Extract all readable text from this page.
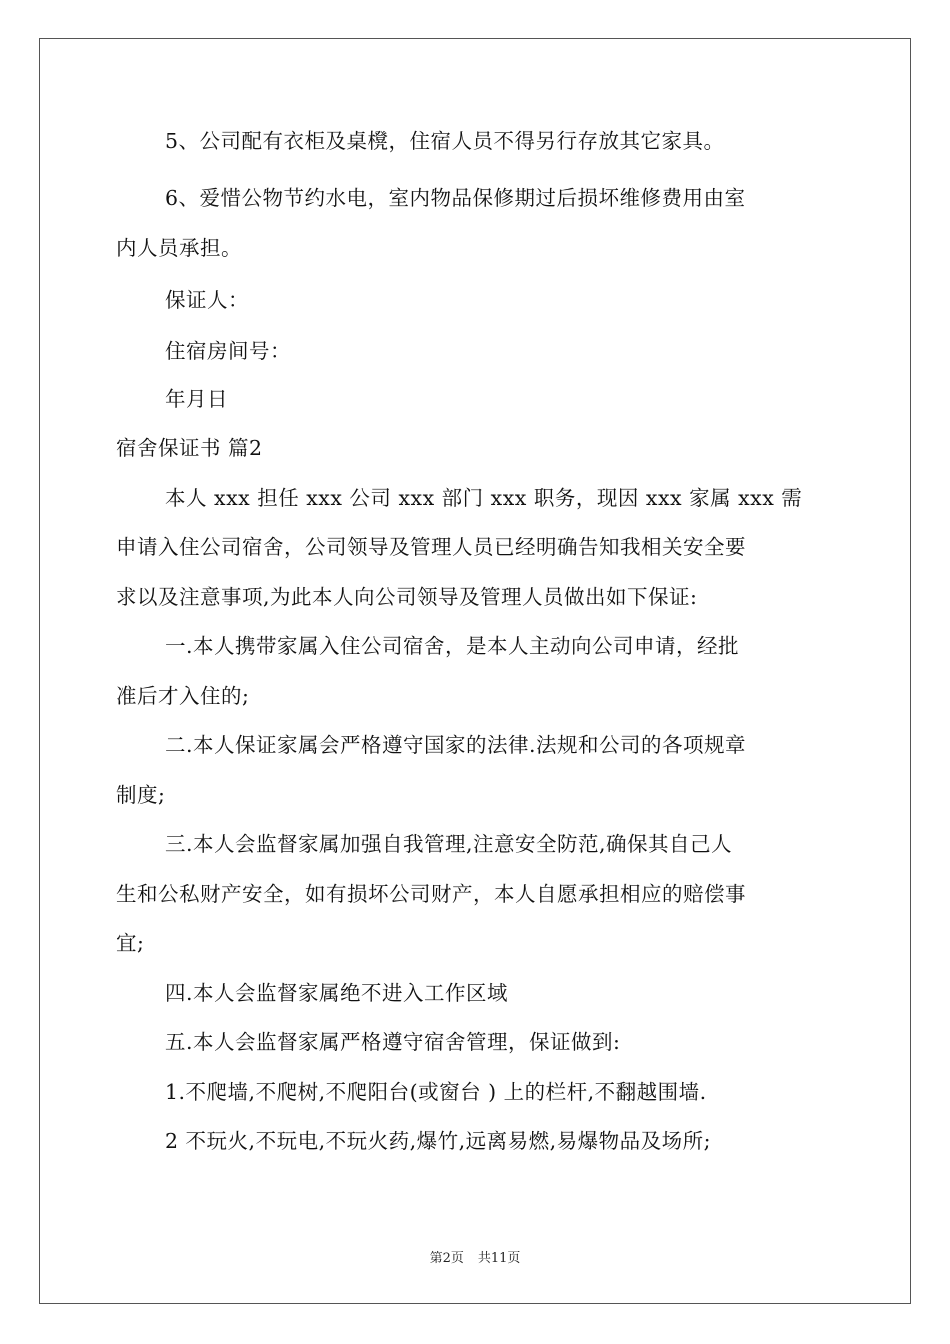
5、公司配有衣柜及桌櫈，住宿人员不得另行存放其它家具。
6、爱惜公物节约水电，室内物品保修期过后损坏维修费用由室
内人员承担。
保证人：
住宿房间号：
年月日
宿舍保证书 篇2
本人 xxx 担任 xxx 公司 xxx 部门 xxx 职务，现因 xxx 家属 xxx 需
申请入住公司宿舍，公司领导及管理人员已经明确告知我相关安全要
求以及注意事项,为此本人向公司领导及管理人员做出如下保证:
一.本人携带家属入住公司宿舍，是本人主动向公司申请，经批
准后才入住的;
二.本人保证家属会严格遵守国家的法律.法规和公司的各项规章
制度;
三.本人会监督家属加强自我管理,注意安全防范,确保其自己人
生和公私财产安全，如有损坏公司财产，本人自愿承担相应的赔偿事
宜;
四.本人会监督家属绝不进入工作区域
五.本人会监督家属严格遵守宿舍管理，保证做到:
1.不爬墙,不爬树,不爬阳台(或窗台 ) 上的栏杆,不翻越围墙.
2 不玩火,不玩电,不玩火药,爆竹,远离易燃,易爆物品及场所;
第2页 共11页
